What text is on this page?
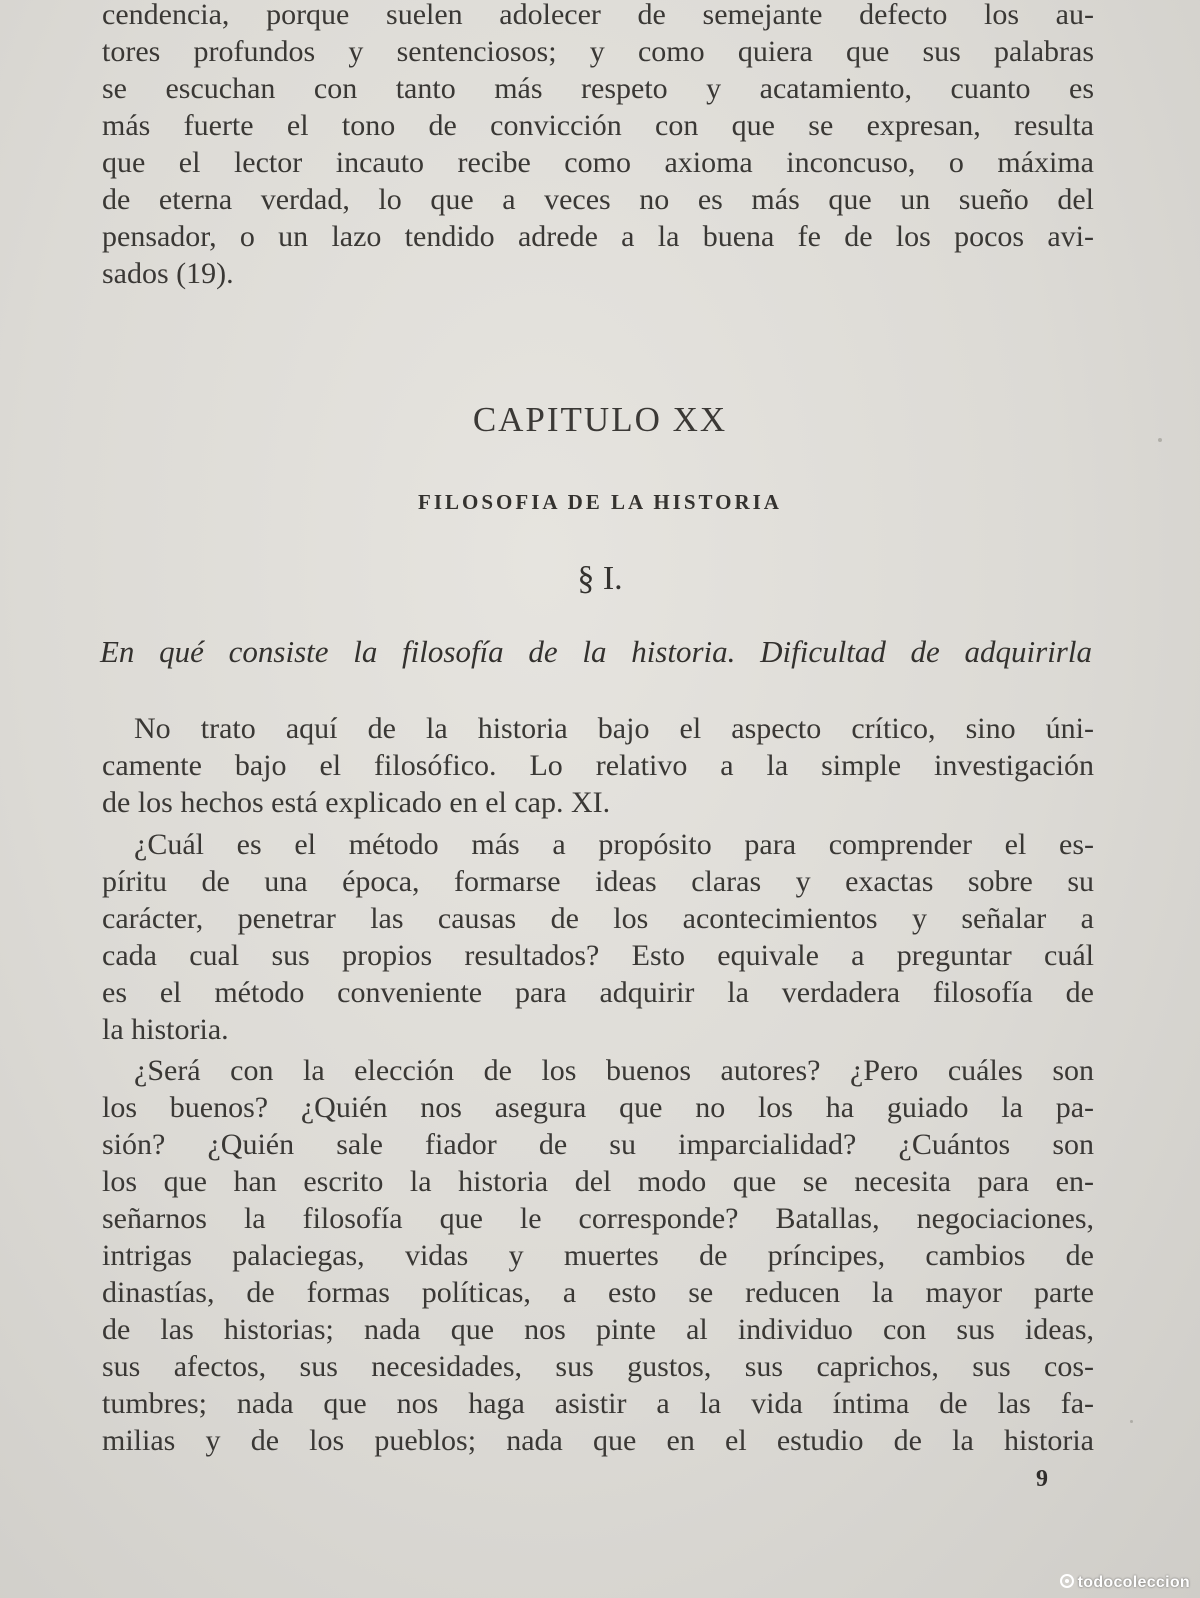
cendencia, porque suelen adolecer de semejante defecto los au-
tores profundos y sentenciosos; y como quiera que sus palabras
se escuchan con tanto más respeto y acatamiento, cuanto es
más fuerte el tono de convicción con que se expresan, resulta
que el lector incauto recibe como axioma inconcuso, o máxima
de eterna verdad, lo que a veces no es más que un sueño del
pensador, o un lazo tendido adrede a la buena fe de los pocos avi-
sados (19).
CAPITULO XX
FILOSOFIA DE LA HISTORIA
§ I.
En qué consiste la filosofía de la historia. Dificultad de adquirirla
No trato aquí de la historia bajo el aspecto crítico, sino úni-
camente bajo el filosófico. Lo relativo a la simple investigación
de los hechos está explicado en el cap. XI.
¿Cuál es el método más a propósito para comprender el es-
píritu de una época, formarse ideas claras y exactas sobre su
carácter, penetrar las causas de los acontecimientos y señalar a
cada cual sus propios resultados? Esto equivale a preguntar cuál
es el método conveniente para adquirir la verdadera filosofía de
la historia.
¿Será con la elección de los buenos autores? ¿Pero cuáles son
los buenos? ¿Quién nos asegura que no los ha guiado la pa-
sión? ¿Quién sale fiador de su imparcialidad? ¿Cuántos son
los que han escrito la historia del modo que se necesita para en-
señarnos la filosofía que le corresponde? Batallas, negociaciones,
intrigas palaciegas, vidas y muertes de príncipes, cambios de
dinastías, de formas políticas, a esto se reducen la mayor parte
de las historias; nada que nos pinte al individuo con sus ideas,
sus afectos, sus necesidades, sus gustos, sus caprichos, sus cos-
tumbres; nada que nos haga asistir a la vida íntima de las fa-
milias y de los pueblos; nada que en el estudio de la historia
9
todocoleccion
